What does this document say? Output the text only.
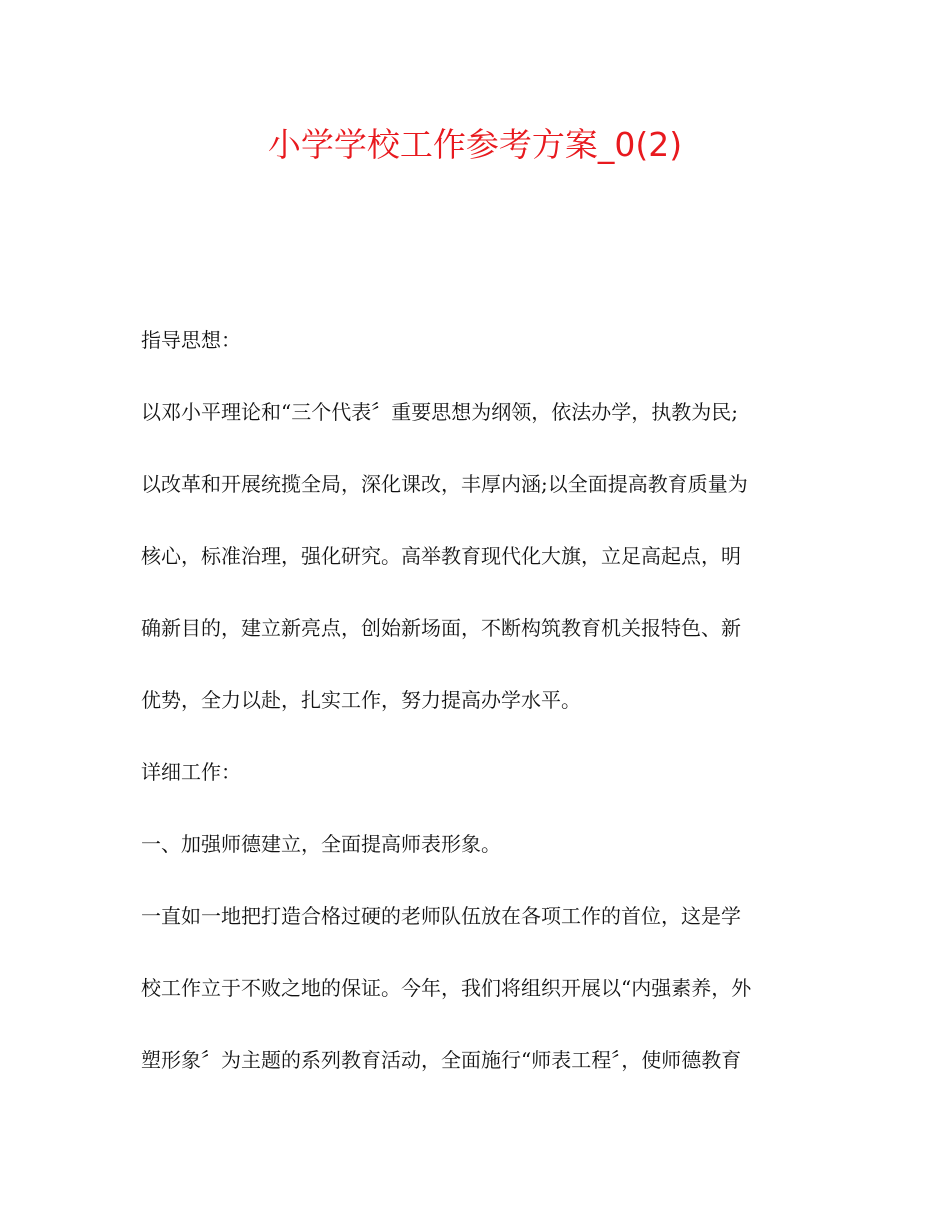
小学学校工作参考方案_0(2)

指导思想：

以邓小平理论和“三个代表〞重要思想为纲领，依法办学，执教为民;
以改革和开展统揽全局，深化课改，丰厚内涵;以全面提高教育质量为
核心，标准治理，强化研究。高举教育现代化大旗，立足高起点，明
确新目的，建立新亮点，创始新场面，不断构筑教育机关报特色、新
优势，全力以赴，扎实工作，努力提高办学水平。

详细工作：

一、加强师德建立，全面提高师表形象。

一直如一地把打造合格过硬的老师队伍放在各项工作的首位，这是学
校工作立于不败之地的保证。今年，我们将组织开展以“内强素养，外
塑形象〞为主题的系列教育活动，全面施行“师表工程〞，使师德教育
